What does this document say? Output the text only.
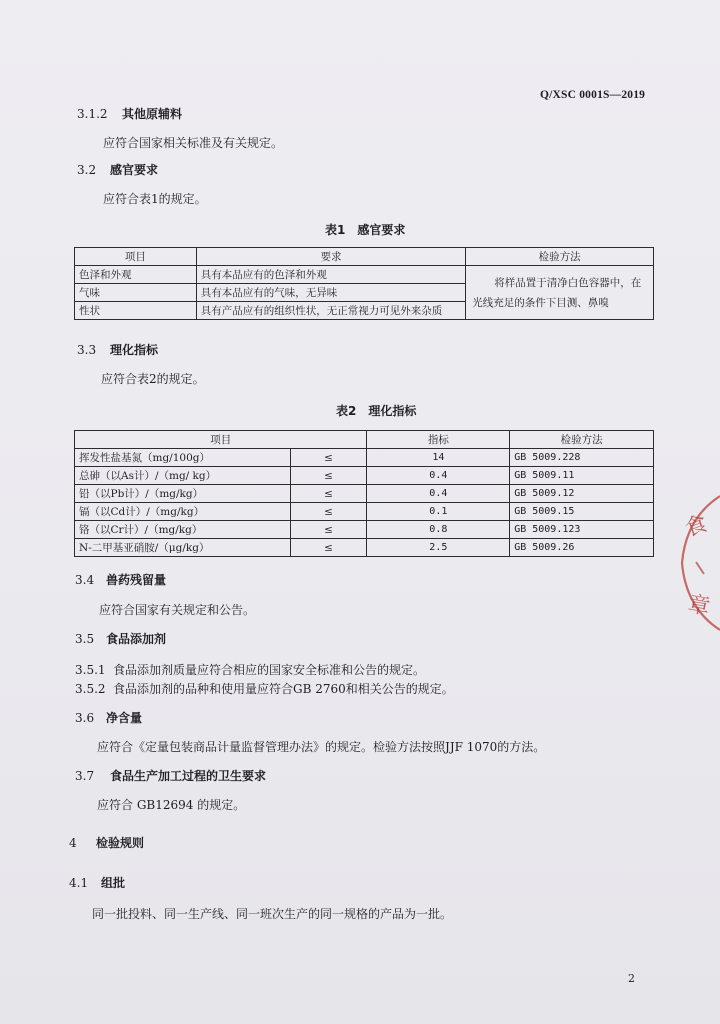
Q/XSC 0001S—2019
3.1.2 其他原辅料
应符合国家相关标准及有关规定。
3.2 感官要求
应符合表1的规定。
表1　感官要求
项目	要求	检验方法
色泽和外观	具有本品应有的色泽和外观	将样品置于清净白色容器中，在
光线充足的条件下目测、鼻嗅

气味	具有本品应有的气味，无异味	
性状	具有产品应有的组织性状，无正常视力可见外来杂质	
3.3 理化指标
应符合表2的规定。
表2　理化指标
项目		指标	检验方法
挥发性盐基氮（mg/100g）	≤	14	GB 5009.228
总砷（以As计）/（mg/ kg）	≤	0.4	GB 5009.11
铅（以Pb计）/（mg/kg）	≤	0.4	GB 5009.12
镉（以Cd计）/（mg/kg）	≤	0.1	GB 5009.15
铬（以Cr计）/（mg/kg）	≤	0.8	GB 5009.123
N-二甲基亚硝胺/（μg/kg）	≤	2.5	GB 5009.26
3.4 兽药残留量
应符合国家有关规定和公告。
3.5 食品添加剂
3.5.1 食品添加剂质量应符合相应的国家安全标准和公告的规定。
3.5.2 食品添加剂的品种和使用量应符合GB 2760和相关公告的规定。
3.6 净含量
应符合《定量包装商品计量监督管理办法》的规定。检验方法按照JJF 1070的方法。
3.7 食品生产加工过程的卫生要求
应符合 GB12694 的规定。
4 检验规则
4.1 组批
同一批投料、同一生产线、同一班次生产的同一规格的产品为一批。
食
章
2
